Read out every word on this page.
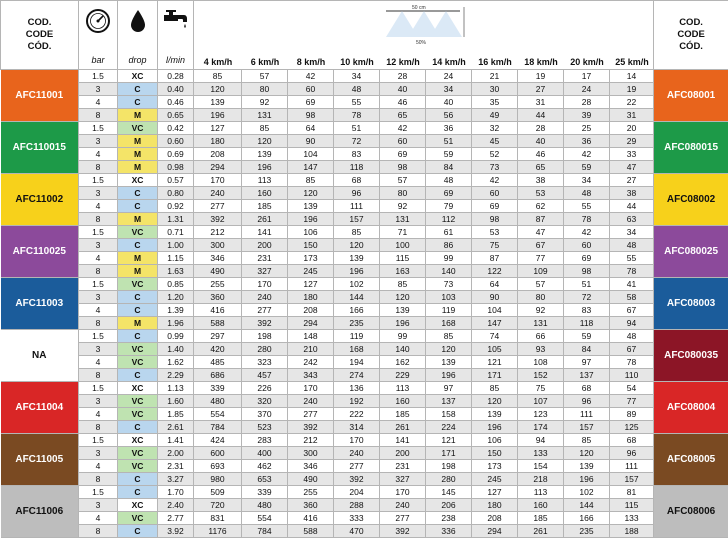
COD.
CODE
CÓD.

bar	drop	l/min

50 cm
50%
4 km/h	6 km/h	8 km/h	10 km/h	12 km/h	14 km/h	16 km/h	18 km/h	20 km/h	25 km/h

COD.
CODE
CÓD.

AFC11001	1.5	XC	0.28	85	57	42	34	28	24	21	19	17	14	AFC08001
3	C	0.40	120	80	60	48	40	34	30	27	24	19
4	C	0.46	139	92	69	55	46	40	35	31	28	22
8	M	0.65	196	131	98	78	65	56	49	44	39	31
AFC110015	1.5	VC	0.42	127	85	64	51	42	36	32	28	25	20	AFC080015
3	M	0.60	180	120	90	72	60	51	45	40	36	29
4	M	0.69	208	139	104	83	69	59	52	46	42	33
8	M	0.98	294	196	147	118	98	84	73	65	59	47
AFC11002	1.5	XC	0.57	170	113	85	68	57	48	42	38	34	27	AFC08002
3	C	0.80	240	160	120	96	80	69	60	53	48	38
4	C	0.92	277	185	139	111	92	79	69	62	55	44
8	M	1.31	392	261	196	157	131	112	98	87	78	63
AFC110025	1.5	VC	0.71	212	141	106	85	71	61	53	47	42	34	AFC080025
3	C	1.00	300	200	150	120	100	86	75	67	60	48
4	M	1.15	346	231	173	139	115	99	87	77	69	55
8	M	1.63	490	327	245	196	163	140	122	109	98	78
AFC11003	1.5	VC	0.85	255	170	127	102	85	73	64	57	51	41	AFC08003
3	C	1.20	360	240	180	144	120	103	90	80	72	58
4	C	1.39	416	277	208	166	139	119	104	92	83	67
8	M	1.96	588	392	294	235	196	168	147	131	118	94
NA	1.5	C	0.99	297	198	148	119	99	85	74	66	59	48	AFC080035
3	VC	1.40	420	280	210	168	140	120	105	93	84	67
4	VC	1.62	485	323	242	194	162	139	121	108	97	78
8	C	2.29	686	457	343	274	229	196	171	152	137	110
AFC11004	1.5	XC	1.13	339	226	170	136	113	97	85	75	68	54	AFC08004
3	VC	1.60	480	320	240	192	160	137	120	107	96	77
4	VC	1.85	554	370	277	222	185	158	139	123	111	89
8	C	2.61	784	523	392	314	261	224	196	174	157	125
AFC11005	1.5	XC	1.41	424	283	212	170	141	121	106	94	85	68	AFC08005
3	VC	2.00	600	400	300	240	200	171	150	133	120	96
4	VC	2.31	693	462	346	277	231	198	173	154	139	111
8	C	3.27	980	653	490	392	327	280	245	218	196	157
AFC11006	1.5	C	1.70	509	339	255	204	170	145	127	113	102	81	AFC08006
3	XC	2.40	720	480	360	288	240	206	180	160	144	115
4	VC	2.77	831	554	416	333	277	238	208	185	166	133
8	C	3.92	1176	784	588	470	392	336	294	261	235	188
